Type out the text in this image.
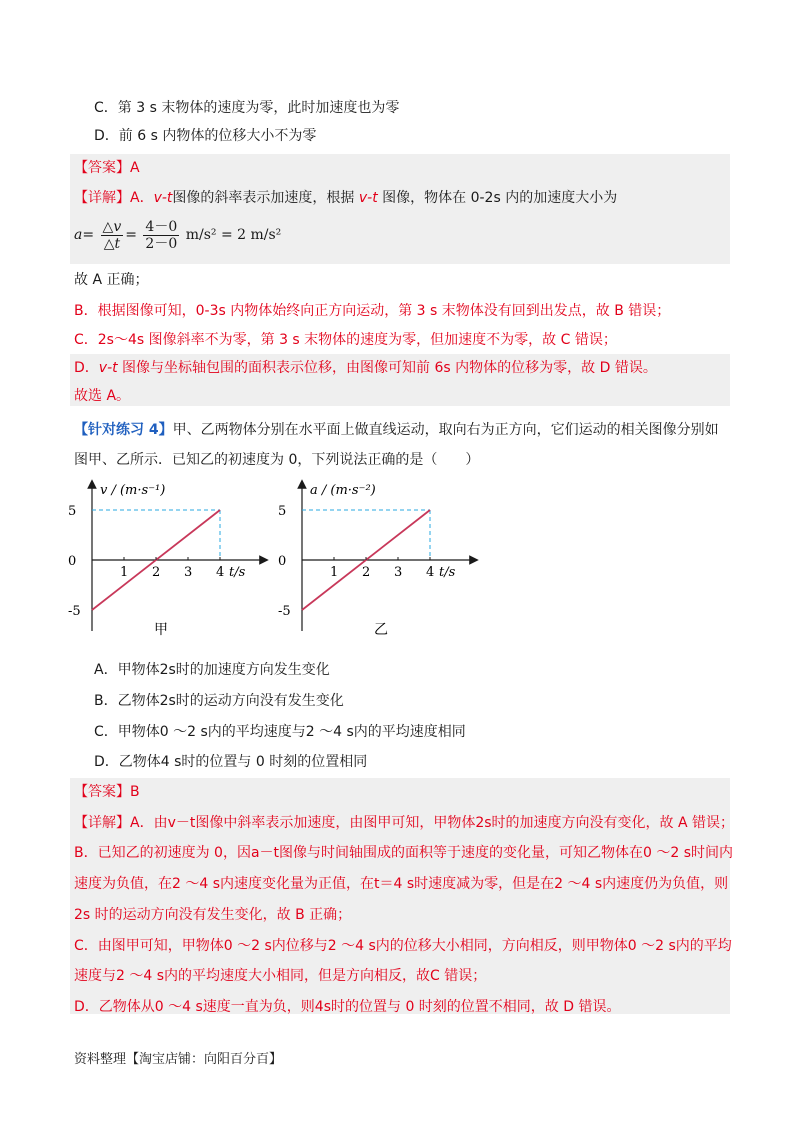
C．第 3 s 末物体的速度为零，此时加速度也为零
D．前 6 s 内物体的位移大小不为零
【答案】A
【详解】A．v-t图像的斜率表示加速度，根据 v-t 图像，物体在 0-2s 内的加速度大小为
$a= \frac{\triangle v}{\triangle t} = \frac{4-0}{2-0} m/s^2 = 2$ m/s²
故 A 正确；
B．根据图像可知，0-3s 内物体始终向正方向运动，第 3 s 末物体没有回到出发点，故 B 错误；
C．2s～4s 图像斜率不为零，第 3 s 末物体的速度为零，但加速度不为零，故 C 错误；
D．v-t 图像与坐标轴包围的面积表示位移，由图像可知前 6s 内物体的位移为零，故 D 错误。
故选 A。
【针对练习 4】甲、乙两物体分别在水平面上做直线运动，取向右为正方向，它们运动的相关图像分别如
图甲、乙所示．已知乙的初速度为 0，下列说法正确的是（　　）
5
0
-5
1 2 3 4
v / (m·s⁻¹)
t/s
甲
5
0
-5
1 2 3 4
a / (m·s⁻²)
t/s
乙
A．甲物体2s时的加速度方向发生变化
B．乙物体2s时的运动方向没有发生变化
C．甲物体0 ～2 s内的平均速度与2 ～4 s内的平均速度相同
D．乙物体4 s时的位置与 0 时刻的位置相同
【答案】B
【详解】A．由v－t图像中斜率表示加速度，由图甲可知，甲物体2s时的加速度方向没有变化，故 A 错误；
B．已知乙的初速度为 0，因a－t图像与时间轴围成的面积等于速度的变化量，可知乙物体在0 ～2 s时间内
速度为负值，在2 ～4 s内速度变化量为正值，在t＝4 s时速度减为零，但是在2 ～4 s内速度仍为负值，则
2s 时的运动方向没有发生变化，故 B 正确；
C．由图甲可知，甲物体0 ～2 s内位移与2 ～4 s内的位移大小相同，方向相反，则甲物体0 ～2 s内的平均
速度与2 ～4 s内的平均速度大小相同，但是方向相反，故C 错误；
D．乙物体从0 ～4 s速度一直为负，则4s时的位置与 0 时刻的位置不相同，故 D 错误。
资料整理【淘宝店铺：向阳百分百】
